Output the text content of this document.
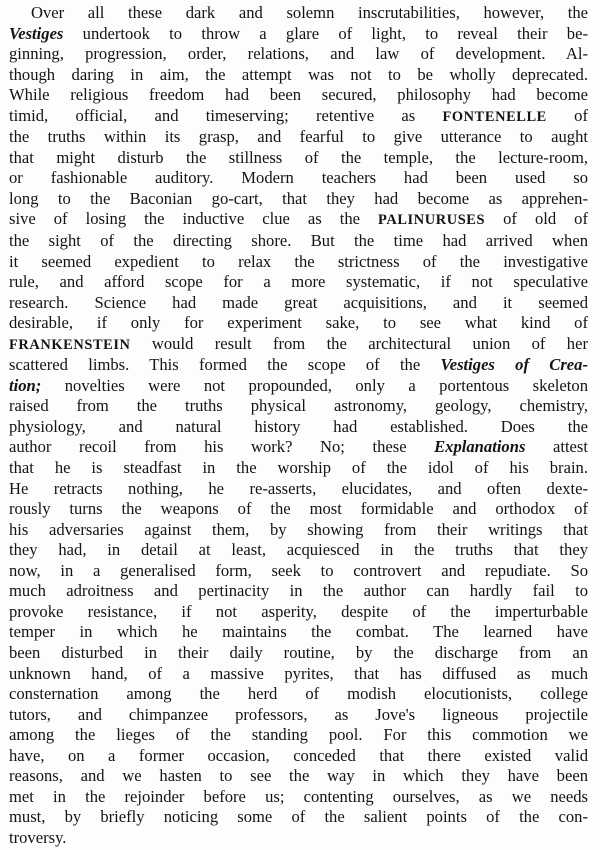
Over all these dark and solemn inscrutabilities, however, the
Vestiges undertook to throw a glare of light, to reveal their be-
ginning, progression, order, relations, and law of development. Al-
though daring in aim, the attempt was not to be wholly deprecated.
While religious freedom had been secured, philosophy had become
timid, official, and timeserving; retentive as FONTENELLE of
the truths within its grasp, and fearful to give utterance to aught
that might disturb the stillness of the temple, the lecture-room,
or fashionable auditory. Modern teachers had been used so
long to the Baconian go-cart, that they had become as apprehen-
sive of losing the inductive clue as the PALINURUSES of old of
the sight of the directing shore. But the time had arrived when
it seemed expedient to relax the strictness of the investigative
rule, and afford scope for a more systematic, if not speculative
research. Science had made great acquisitions, and it seemed
desirable, if only for experiment sake, to see what kind of
FRANKENSTEIN would result from the architectural union of her
scattered limbs. This formed the scope of the Vestiges of Crea-
tion; novelties were not propounded, only a portentous skeleton
raised from the truths physical astronomy, geology, chemistry,
physiology, and natural history had established. Does the
author recoil from his work? No; these Explanations attest
that he is steadfast in the worship of the idol of his brain.
He retracts nothing, he re-asserts, elucidates, and often dexte-
rously turns the weapons of the most formidable and orthodox of
his adversaries against them, by showing from their writings that
they had, in detail at least, acquiesced in the truths that they
now, in a generalised form, seek to controvert and repudiate. So
much adroitness and pertinacity in the author can hardly fail to
provoke resistance, if not asperity, despite of the imperturbable
temper in which he maintains the combat. The learned have
been disturbed in their daily routine, by the discharge from an
unknown hand, of a massive pyrites, that has diffused as much
consternation among the herd of modish elocutionists, college
tutors, and chimpanzee professors, as Jove's ligneous projectile
among the lieges of the standing pool. For this commotion we
have, on a former occasion, conceded that there existed valid
reasons, and we hasten to see the way in which they have been
met in the rejoinder before us; contenting ourselves, as we needs
must, by briefly noticing some of the salient points of the con-
troversy.
